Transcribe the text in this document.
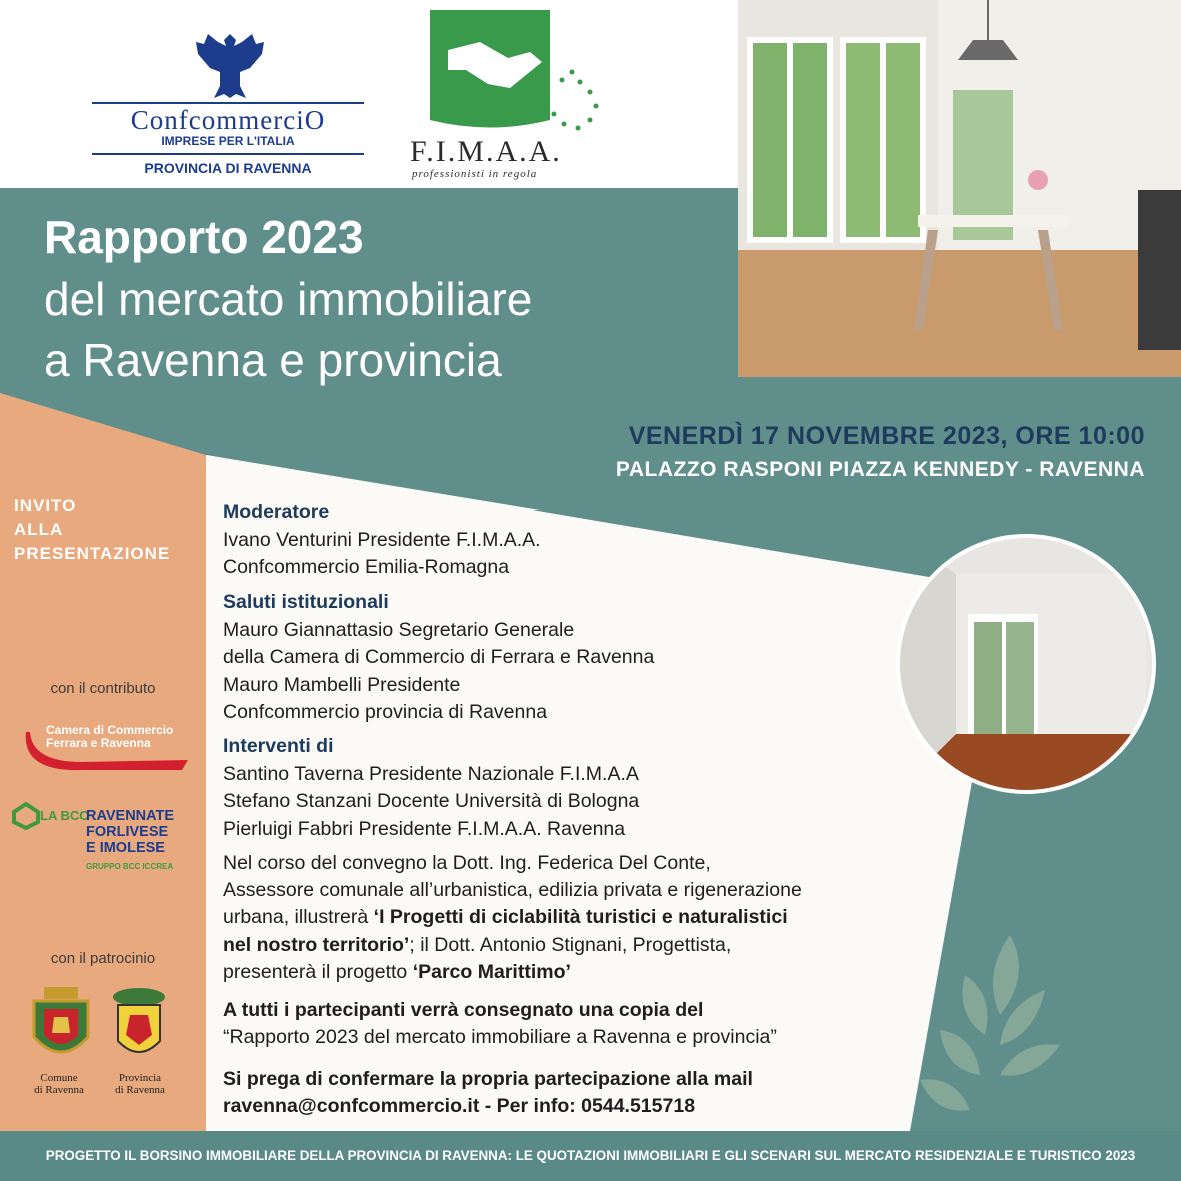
ConfcommerciO
IMPRESE PER L'ITALIA
PROVINCIA DI RAVENNA	F.I.M.A.A.
professionisti in regola
Rapporto 2023
del mercato immobiliare
a Ravenna e provincia
VENERDÌ 17 NOVEMBRE 2023, ORE 10:00
PALAZZO RASPONI PIAZZA KENNEDY - RAVENNA
INVITO
ALLA
PRESENTAZIONE
con il contributo
Camera di Commercio
Ferrara e Ravenna
LA BCC
RAVENNATE
FORLIVESE
E IMOLESE
GRUPPO BCC ICCREA
con il patrocinio
Comune
di Ravenna
Provincia
di Ravenna
Moderatore
Ivano Venturini Presidente F.I.M.A.A.
Confcommercio Emilia-Romagna
Saluti istituzionali
Mauro Giannattasio Segretario Generale
della Camera di Commercio di Ferrara e Ravenna
Mauro Mambelli Presidente
Confcommercio provincia di Ravenna
Interventi di
Santino Taverna Presidente Nazionale F.I.M.A.A
Stefano Stanzani Docente Università di Bologna
Pierluigi Fabbri Presidente F.I.M.A.A. Ravenna
Nel corso del convegno la Dott. Ing. Federica Del Conte,
Assessore comunale all’urbanistica, edilizia privata e rigenerazione
urbana, illustrerà ‘I Progetti di ciclabilità turistici e naturalistici
nel nostro territorio’; il Dott. Antonio Stignani, Progettista,
presenterà il progetto ‘Parco Marittimo’
A tutti i partecipanti verrà consegnato una copia del
“Rapporto 2023 del mercato immobiliare a Ravenna e provincia”
Si prega di confermare la propria partecipazione alla mail
ravenna@confcommercio.it - Per info: 0544.515718
PROGETTO IL BORSINO IMMOBILIARE DELLA PROVINCIA DI RAVENNA: LE QUOTAZIONI IMMOBILIARI E GLI SCENARI SUL MERCATO RESIDENZIALE E TURISTICO 2023
